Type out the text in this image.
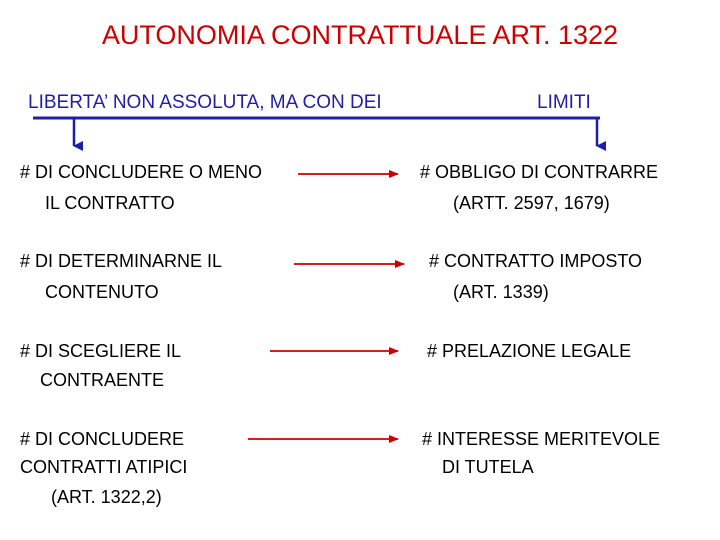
AUTONOMIA CONTRATTUALE ART. 1322
LIBERTA’ NON ASSOLUTA, MA CON DEI	LIMITI
# DI CONCLUDERE O MENO
IL CONTRATTO
# OBBLIGO DI CONTRARRE
(ARTT. 2597, 1679)
# DI DETERMINARNE IL
CONTENUTO
# CONTRATTO IMPOSTO
(ART. 1339)
# DI SCEGLIERE IL
CONTRAENTE
# PRELAZIONE LEGALE
# DI CONCLUDERE
CONTRATTI ATIPICI
(ART. 1322,2)
# INTERESSE MERITEVOLE
DI TUTELA
